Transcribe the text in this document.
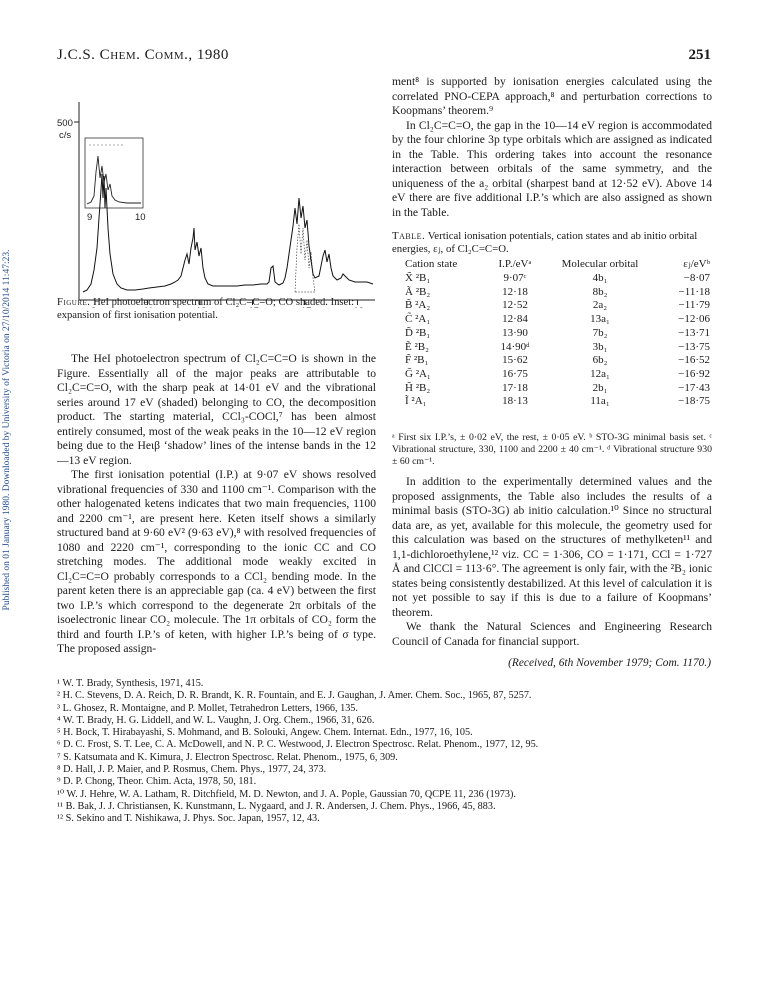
J.C.S. Chem. Comm., 1980	251
Published on 01 January 1980. Downloaded by University of Victoria on 27/10/2014 11:47:23.
500
c/s
9	10
Figure. HeI photoelectron spectrum of Cl₂C=C=O; CO shaded. Inset: expansion of first ionisation potential.

The HeI photoelectron spectrum of Cl₂C=C=O is shown in the Figure. Essentially all of the major peaks are attributable to Cl₂C=C=O, with the sharp peak at 14·01 eV and the vibrational series around 17 eV (shaded) belonging to CO, the decomposition product. The starting material, CCl₃-COCl,⁷ has been almost entirely consumed, most of the weak peaks in the 10—12 eV region being due to the Heιβ ‘shadow’ lines of the intense bands in the 12—13 eV region.

The first ionisation potential (I.P.) at 9·07 eV shows resolved vibrational frequencies of 330 and 1100 cm⁻¹. Comparison with the other halogenated ketens indicates that two main frequencies, 1100 and 2200 cm⁻¹, are present here. Keten itself shows a similarly structured band at 9·60 eV² (9·63 eV),⁸ with resolved frequencies of 1080 and 2220 cm⁻¹, corresponding to the ionic CC and CO stretching modes. The additional mode weakly excited in Cl₂C=C=O probably corresponds to a CCl₂ bending mode. In the parent keten there is an appreciable gap (ca. 4 eV) between the first two I.P.’s which correspond to the degenerate 2π orbitals of the isoelectronic linear CO₂ molecule. The 1π orbitals of CO₂ form the third and fourth I.P.’s of keten, with higher I.P.’s being of σ type. The proposed assign-

ment⁸ is supported by ionisation energies calculated using the correlated PNO-CEPA approach,⁸ and perturbation corrections to Koopmans’ theorem.⁹

In Cl₂C=C=O, the gap in the 10—14 eV region is accommodated by the four chlorine 3p type orbitals which are assigned as indicated in the Table. This ordering takes into account the resonance interaction between orbitals of the same symmetry, and the uniqueness of the a₂ orbital (sharpest band at 12·52 eV). Above 14 eV there are five additional I.P.’s which are also assigned as shown in the Table.

Table. Vertical ionisation potentials, cation states and ab initio orbital energies, εⱼ, of Cl₂C=C=O.
Cation state	I.P./eVᵃ	Molecular orbital	εⱼ/eVᵇ
X̃ ²B₁	9·07ᶜ	4b₁	−8·07
Ã ²B₂	12·18	8b₂	−11·18
B̃ ²A₂	12·52	2a₂	−11·79
C̃ ²A₁	12·84	13a₁	−12·06
D̃ ²B₁	13·90	7b₂	−13·71
Ẽ ²B₂	14·90ᵈ	3b₁	−13·75
F̃ ²B₁	15·62	6b₂	−16·52
G̃ ²A₁	16·75	12a₁	−16·92
H̃ ²B₂	17·18	2b₁	−17·43
Ĩ ²A₁	18·13	11a₁	−18·75
ᵃ First six I.P.’s, ± 0·02 eV, the rest, ± 0·05 eV. ᵇ STO-3G minimal basis set. ᶜ Vibrational structure, 330, 1100 and 2200 ± 40 cm⁻¹. ᵈ Vibrational structure 930 ± 60 cm⁻¹.

In addition to the experimentally determined values and the proposed assignments, the Table also includes the results of a minimal basis (STO-3G) ab initio calculation.¹⁰ Since no structural data are, as yet, available for this molecule, the geometry used for this calculation was based on the structures of methylketen¹¹ and 1,1-dichloroethylene,¹² viz. CC = 1·306, CO = 1·171, CCl = 1·727 Å and ClCCl = 113·6°. The agreement is only fair, with the ²B₂ ionic states being consistently destabilized. At this level of calculation it is not yet possible to say if this is due to a failure of Koopmans’ theorem.

We thank the Natural Sciences and Engineering Research Council of Canada for financial support.

(Received, 6th November 1979; Com. 1170.)
¹ W. T. Brady, Synthesis, 1971, 415.
² H. C. Stevens, D. A. Reich, D. R. Brandt, K. R. Fountain, and E. J. Gaughan, J. Amer. Chem. Soc., 1965, 87, 5257.
³ L. Ghosez, R. Montaigne, and P. Mollet, Tetrahedron Letters, 1966, 135.
⁴ W. T. Brady, H. G. Liddell, and W. L. Vaughn, J. Org. Chem., 1966, 31, 626.
⁵ H. Bock, T. Hirabayashi, S. Mohmand, and B. Solouki, Angew. Chem. Internat. Edn., 1977, 16, 105.
⁶ D. C. Frost, S. T. Lee, C. A. McDowell, and N. P. C. Westwood, J. Electron Spectrosc. Relat. Phenom., 1977, 12, 95.
⁷ S. Katsumata and K. Kimura, J. Electron Spectrosc. Relat. Phenom., 1975, 6, 309.
⁸ D. Hall, J. P. Maier, and P. Rosmus, Chem. Phys., 1977, 24, 373.
⁹ D. P. Chong, Theor. Chim. Acta, 1978, 50, 181.
¹⁰ W. J. Hehre, W. A. Latham, R. Ditchfield, M. D. Newton, and J. A. Pople, Gaussian 70, QCPE 11, 236 (1973).
¹¹ B. Bak, J. J. Christiansen, K. Kunstmann, L. Nygaard, and J. R. Andersen, J. Chem. Phys., 1966, 45, 883.
¹² S. Sekino and T. Nishikawa, J. Phys. Soc. Japan, 1957, 12, 43.
